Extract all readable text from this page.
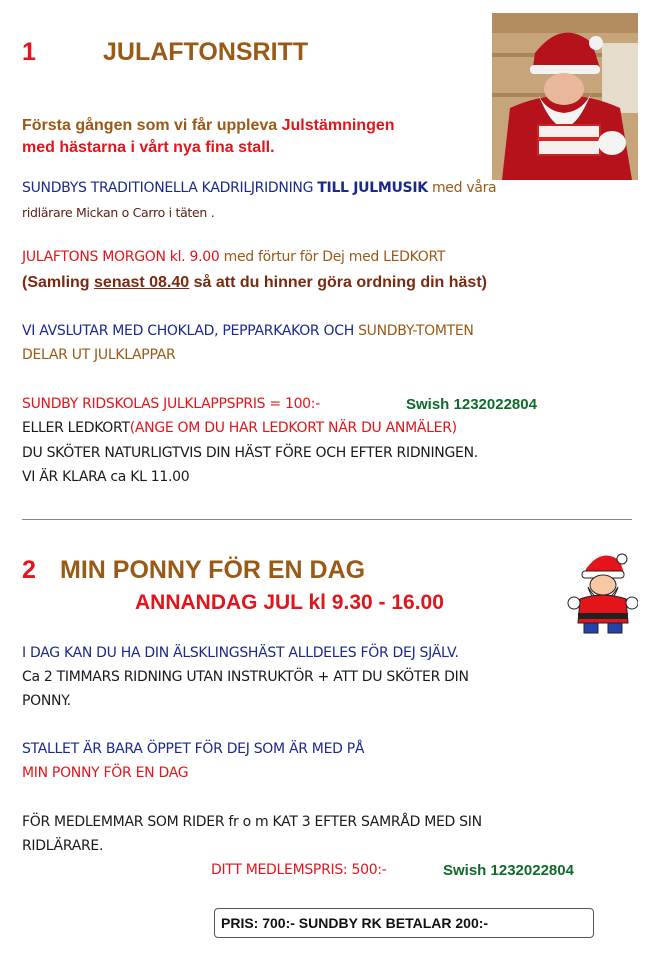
1	JULAFTONSRITT
Första gången som vi får uppleva Julstämningen
med hästarna i vårt nya fina stall.
SUNDBYS TRADITIONELLA KADRILJRIDNING TILL JULMUSIK med våra
ridlärare Mickan o Carro i täten .
JULAFTONS MORGON kl. 9.00 med förtur för Dej med LEDKORT
(Samling senast 08.40 så att du hinner göra ordning din häst)
VI AVSLUTAR MED CHOKLAD, PEPPARKAKOR OCH SUNDBY-TOMTEN
DELAR UT JULKLAPPAR
SUNDBY RIDSKOLAS JULKLAPPSPRIS = 100:-	Swish 1232022804
ELLER LEDKORT(ANGE OM DU HAR LEDKORT NÄR DU ANMÄLER)
DU SKÖTER NATURLIGTVIS DIN HÄST FÖRE OCH EFTER RIDNINGEN.
VI ÄR KLARA ca KL 11.00
2 MIN PONNY FÖR EN DAG
ANNANDAG JUL kl 9.30 - 16.00
I DAG KAN DU HA DIN ÄLSKLINGSHÄST ALLDELES FÖR DEJ SJÄLV.
Ca 2 TIMMARS RIDNING UTAN INSTRUKTÖR + ATT DU SKÖTER DIN
PONNY.
STALLET ÄR BARA ÖPPET FÖR DEJ SOM ÄR MED PÅ
MIN PONNY FÖR EN DAG
FÖR MEDLEMMAR SOM RIDER fr o m KAT 3 EFTER SAMRÅD MED SIN
RIDLÄRARE.
DITT MEDLEMSPRIS: 500:-	Swish 1232022804
PRIS: 700:- SUNDBY RK BETALAR 200:-
